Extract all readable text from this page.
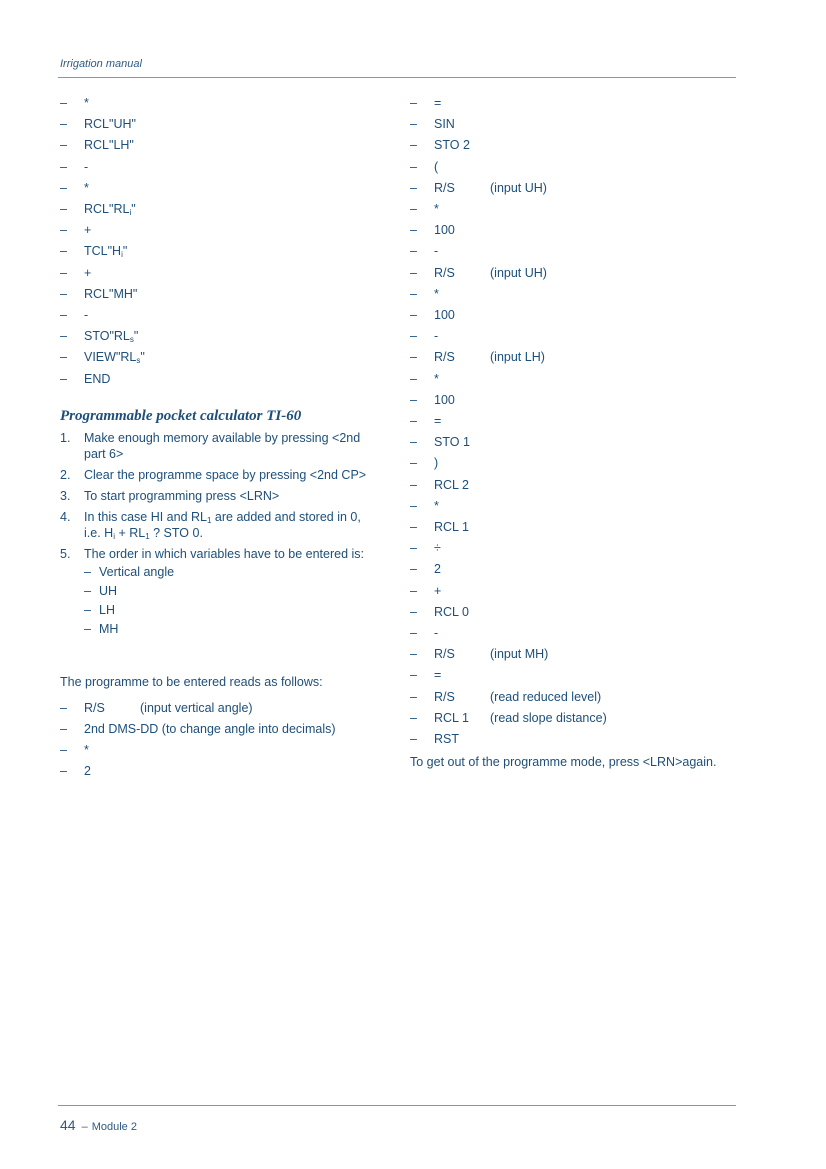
Irrigation manual
–	*
–	RCL"UH"
–	RCL"LH"
–	-
–	*
–	$RCL"RL_i$"
–	+
–	$TCL"H_i$"
–	+
–	RCL"MH"
–	-
–	$STO"RL_s$"
–	$VIEW"RL_s$"
–	END
Programmable pocket calculator TI-60
1.	Make enough memory available by pressing <2nd part 6>
2.	Clear the programme space by pressing <2nd CP>
3.	To start programming press <LRN>
4.	In this case HI and $RL_1$ are added and stored in 0, i.e. $H_i + RL_1$ ? STO 0.
5.	The order in which variables have to be entered is:
– Vertical angle
– UH
– LH
– MH
The programme to be entered reads as follows:
–	R/S	(input vertical angle)
–	2nd DMS-DD (to change angle into decimals)
–	*
–	2
–	=
–	SIN
–	STO 2
–	(
–	R/S	(input UH)
–	*
–	100
–	-
–	R/S	(input UH)
–	*
–	100
–	-
–	R/S	(input LH)
–	*
–	100
–	=
–	STO 1
–	)
–	RCL 2
–	*
–	RCL 1
–	÷
–	2
–	+
–	RCL 0
–	-
–	R/S	(input MH)
–	=
–	R/S	(read reduced level)
–	RCL 1	(read slope distance)
–	RST
To get out of the programme mode, press <LRN>again.
44 – Module 2
